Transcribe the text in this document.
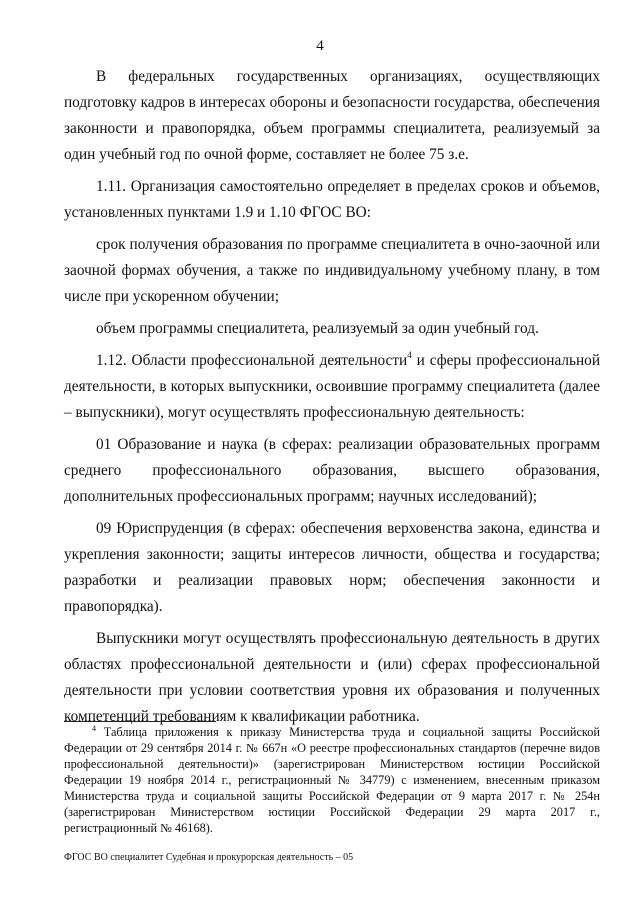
4

В федеральных государственных организациях, осуществляющих подготовку кадров в интересах обороны и безопасности государства, обеспечения законности и правопорядка, объем программы специалитета, реализуемый за один учебный год по очной форме, составляет не более 75 з.е.

1.11. Организация самостоятельно определяет в пределах сроков и объемов, установленных пунктами 1.9 и 1.10 ФГОС ВО:

срок получения образования по программе специалитета в очно-заочной или заочной формах обучения, а также по индивидуальному учебному плану, в том числе при ускоренном обучении;

объем программы специалитета, реализуемый за один учебный год.

1.12. Области профессиональной деятельности$^4$ и сферы профессиональной деятельности, в которых выпускники, освоившие программу специалитета (далее – выпускники), могут осуществлять профессиональную деятельность:

01 Образование и наука (в сферах: реализации образовательных программ среднего профессионального образования, высшего образования, дополнительных профессиональных программ; научных исследований);

09 Юриспруденция (в сферах: обеспечения верховенства закона, единства и укрепления законности; защиты интересов личности, общества и государства; разработки и реализации правовых норм; обеспечения законности и правопорядка).

Выпускники могут осуществлять профессиональную деятельность в других областях профессиональной деятельности и (или) сферах профессиональной деятельности при условии соответствия уровня их образования и полученных компетенций требованиям к квалификации работника.

$^4$ Таблица приложения к приказу Министерства труда и социальной защиты Российской Федерации от 29 сентября 2014 г. № 667н «О реестре профессиональных стандартов (перечне видов профессиональной деятельности)» (зарегистрирован Министерством юстиции Российской Федерации 19 ноября 2014 г., регистрационный № 34779) с изменением, внесенным приказом Министерства труда и социальной защиты Российской Федерации от 9 марта 2017 г. № 254н (зарегистрирован Министерством юстиции Российской Федерации 29 марта 2017 г., регистрационный № 46168).
ФГОС ВО специалитет Судебная и прокурорская деятельность – 05
